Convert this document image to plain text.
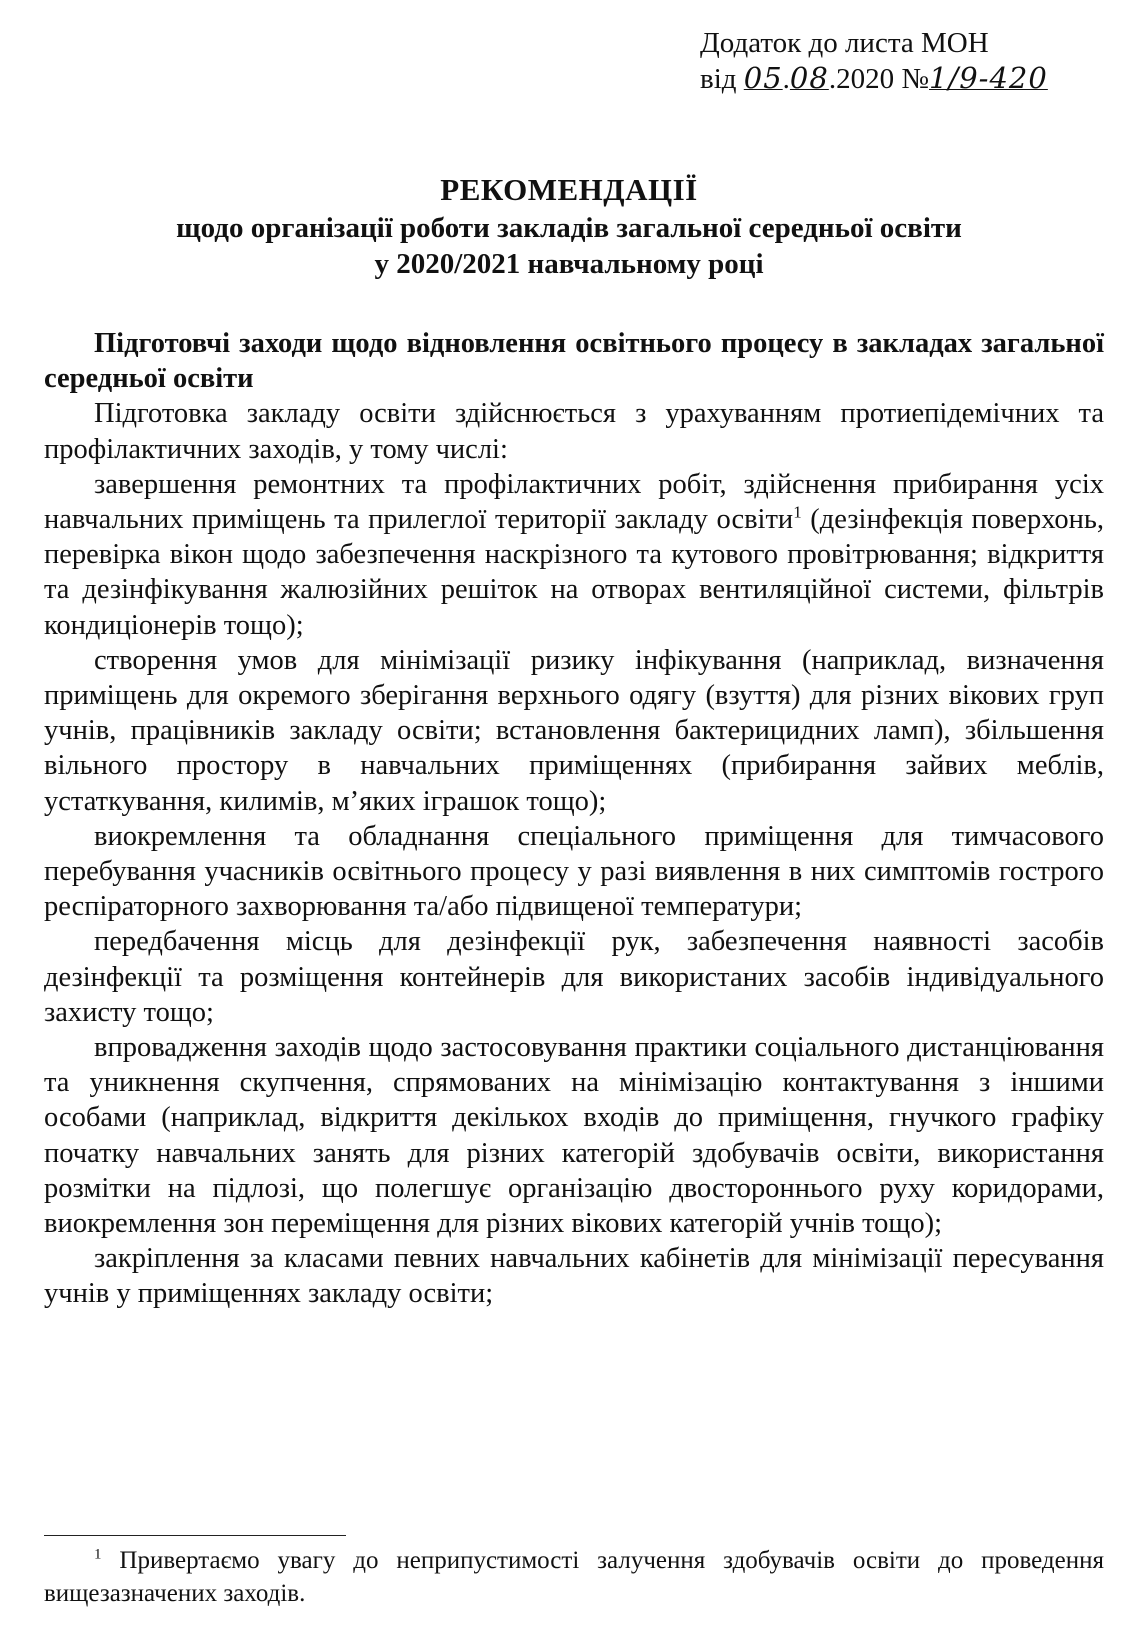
Додаток до листа МОН
від 05.08.2020 №1/9-420
РЕКОМЕНДАЦІЇ
щодо організації роботи закладів загальної середньої освіти
у 2020/2021 навчальному році

Підготовчі заходи щодо відновлення освітнього процесу в закладах загальної середньої освіти

Підготовка закладу освіти здійснюється з урахуванням протиепідемічних та профілактичних заходів, у тому числі:

завершення ремонтних та профілактичних робіт, здійснення прибирання усіх навчальних приміщень та прилеглої території закладу освіти$^1$ (дезінфекція поверхонь, перевірка вікон щодо забезпечення наскрізного та кутового провітрювання; відкриття та дезінфікування жалюзійних решіток на отворах вентиляційної системи, фільтрів кондиціонерів тощо);

створення умов для мінімізації ризику інфікування (наприклад, визначення приміщень для окремого зберігання верхнього одягу (взуття) для різних вікових груп учнів, працівників закладу освіти; встановлення бактерицидних ламп), збільшення вільного простору в навчальних приміщеннях (прибирання зайвих меблів, устаткування, килимів, м’яких іграшок тощо);

виокремлення та обладнання спеціального приміщення для тимчасового перебування учасників освітнього процесу у разі виявлення в них симптомів гострого респіраторного захворювання та/або підвищеної температури;

передбачення місць для дезінфекції рук, забезпечення наявності засобів дезінфекції та розміщення контейнерів для використаних засобів індивідуального захисту тощо;

впровадження заходів щодо застосовування практики соціального дистанціювання та уникнення скупчення, спрямованих на мінімізацію контактування з іншими особами (наприклад, відкриття декількох входів до приміщення, гнучкого графіку початку навчальних занять для різних категорій здобувачів освіти, використання розмітки на підлозі, що полегшує організацію двостороннього руху коридорами, виокремлення зон переміщення для різних вікових категорій учнів тощо);

закріплення за класами певних навчальних кабінетів для мінімізації пересування учнів у приміщеннях закладу освіти;

$^1$ Привертаємо увагу до неприпустимості залучення здобувачів освіти до проведення вищезазначених заходів.
